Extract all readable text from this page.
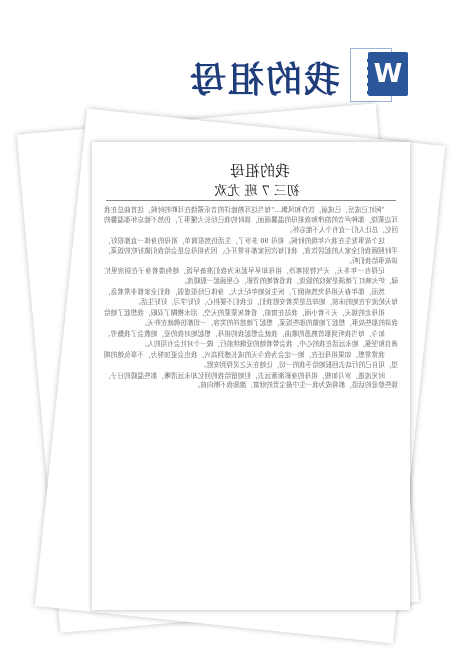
我的祖母 W
我的祖母
初三 7 班 尤欢

“阿红已成岳，已成丽，饮作和风飘…”每当这耳熟能详的音乐萦绕在耳畔的时候，这首曲总在我耳边萦绕，那种声音的韵律和我祖母的温馨画面，那时的我已经长大懂事了，仍然不能忘怀那温馨的回忆，总让人们一直有个人不能忘怀。

这个故事发生在我六年级的时候。祖母 90 多岁了，生活仍然很简单，祖母的身体一直都很好，平时照顾我们全家人的起居饮食，我们每次回家都非常开心，因为祖母总是会给我们做好吃的饭菜，讲故事给我们听。

记得有一年冬天，天气特别寒冷，祖母却早早起床为我们准备早饭，她佝偻着身子在厨房里忙碌，炉火映红了她满是皱纹的脸庞，我看着她的背影，心里涌起一股暖流。

然而，那年春天祖母突然病倒了，医生说她年纪太大，身体已经很虚弱，我们全家都非常着急，每天轮流守在她的床前，她却总是笑着安慰我们，让我们不要担心，好好学习，好好生活。

祖母走的那天，天下着小雨，我站在窗前，看着灰蒙蒙的天空，泪水模糊了双眼，我想起了她给我讲的那些故事，想起了她做的那些饭菜，想起了她慈祥的笑容，一切都仿佛就在昨天。

如今，每当我听到那首熟悉的歌曲，我就会想起我的祖母，想起她对我的爱，她教会了我勤劳、善良和坚强，她永远活在我的心中，我会带着她的爱继续前行，做一个对社会有用的人。

我常常想，如果祖母还在，她一定会为我今天的成长感到高兴，我也会更加努力，不辜负她的期望，用自己的行动去回报她给予我的一切，让她在天之灵得到安慰。

时光流逝，岁月如梭，祖母的身影渐渐远去，但她留给我的回忆却永远清晰，那些温暖的日子，那些慈爱的话语，都将成为我一生中最宝贵的财富，激励我不断向前。
